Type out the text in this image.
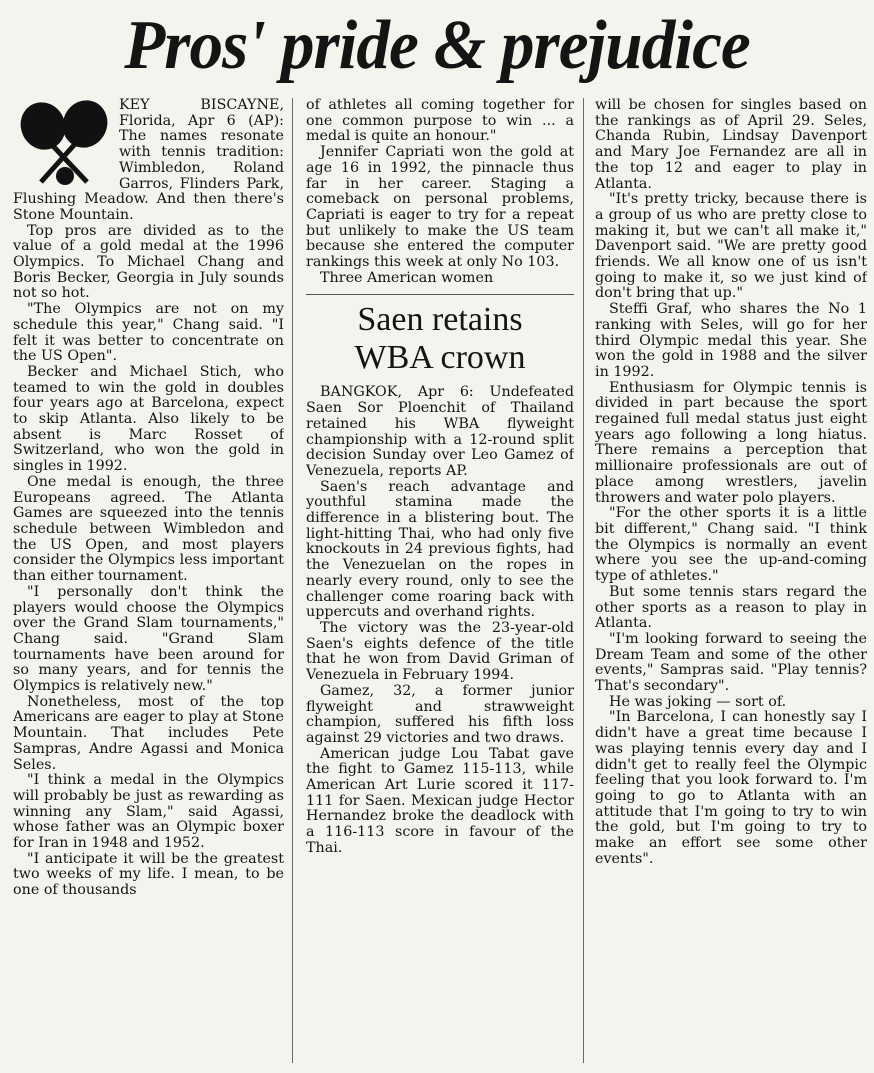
Pros' pride & prejudice

KEY BISCAYNE, Florida, Apr 6 (AP): The names resonate with tennis tradition: Wimbledon, Roland Garros, Flinders Park, Flushing Meadow. And then there's Stone Mountain.

Top pros are divided as to the value of a gold medal at the 1996 Olympics. To Michael Chang and Boris Becker, Georgia in July sounds not so hot.

"The Olympics are not on my schedule this year," Chang said. "I felt it was better to concentrate on the US Open".

Becker and Michael Stich, who teamed to win the gold in doubles four years ago at Barcelona, expect to skip Atlanta. Also likely to be absent is Marc Rosset of Switzerland, who won the gold in singles in 1992.

One medal is enough, the three Europeans agreed. The Atlanta Games are squeezed into the tennis schedule between Wimbledon and the US Open, and most players consider the Olympics less important than either tournament.

"I personally don't think the players would choose the Olympics over the Grand Slam tournaments," Chang said. "Grand Slam tournaments have been around for so many years, and for tennis the Olympics is relatively new."

Nonetheless, most of the top Americans are eager to play at Stone Mountain. That includes Pete Sampras, Andre Agassi and Monica Seles.

"I think a medal in the Olympics will probably be just as rewarding as winning any Slam," said Agassi, whose father was an Olympic boxer for Iran in 1948 and 1952.

"I anticipate it will be the greatest two weeks of my life. I mean, to be one of thousands

of athletes all coming together for one common purpose to win ... a medal is quite an honour."

Jennifer Capriati won the gold at age 16 in 1992, the pinnacle thus far in her career. Staging a comeback on personal problems, Capriati is eager to try for a repeat but unlikely to make the US team because she entered the computer rankings this week at only No 103.

Three American women

Saen retains
WBA crown

BANGKOK, Apr 6: Undefeated Saen Sor Ploenchit of Thailand retained his WBA flyweight championship with a 12-round split decision Sunday over Leo Gamez of Venezuela, reports AP.

Saen's reach advantage and youthful stamina made the difference in a blistering bout. The light-hitting Thai, who had only five knockouts in 24 previous fights, had the Venezuelan on the ropes in nearly every round, only to see the challenger come roaring back with uppercuts and overhand rights.

The victory was the 23-year-old Saen's eights defence of the title that he won from David Griman of Venezuela in February 1994.

Gamez, 32, a former junior flyweight and strawweight champion, suffered his fifth loss against 29 victories and two draws.

American judge Lou Tabat gave the fight to Gamez 115-113, while American Art Lurie scored it 117-111 for Saen. Mexican judge Hector Hernandez broke the deadlock with a 116-113 score in favour of the Thai.

will be chosen for singles based on the rankings as of April 29. Seles, Chanda Rubin, Lindsay Davenport and Mary Joe Fernandez are all in the top 12 and eager to play in Atlanta.

"It's pretty tricky, because there is a group of us who are pretty close to making it, but we can't all make it," Davenport said. "We are pretty good friends. We all know one of us isn't going to make it, so we just kind of don't bring that up."

Steffi Graf, who shares the No 1 ranking with Seles, will go for her third Olympic medal this year. She won the gold in 1988 and the silver in 1992.

Enthusiasm for Olympic tennis is divided in part because the sport regained full medal status just eight years ago following a long hiatus. There remains a perception that millionaire professionals are out of place among wrestlers, javelin throwers and water polo players.

"For the other sports it is a little bit different," Chang said. "I think the Olympics is normally an event where you see the up-and-coming type of athletes."

But some tennis stars regard the other sports as a reason to play in Atlanta.

"I'm looking forward to seeing the Dream Team and some of the other events," Sampras said. "Play tennis? That's secondary".

He was joking — sort of.

"In Barcelona, I can honestly say I didn't have a great time because I was playing tennis every day and I didn't get to really feel the Olympic feeling that you look forward to. I'm going to go to Atlanta with an attitude that I'm going to try to win the gold, but I'm going to try to make an effort see some other events".
